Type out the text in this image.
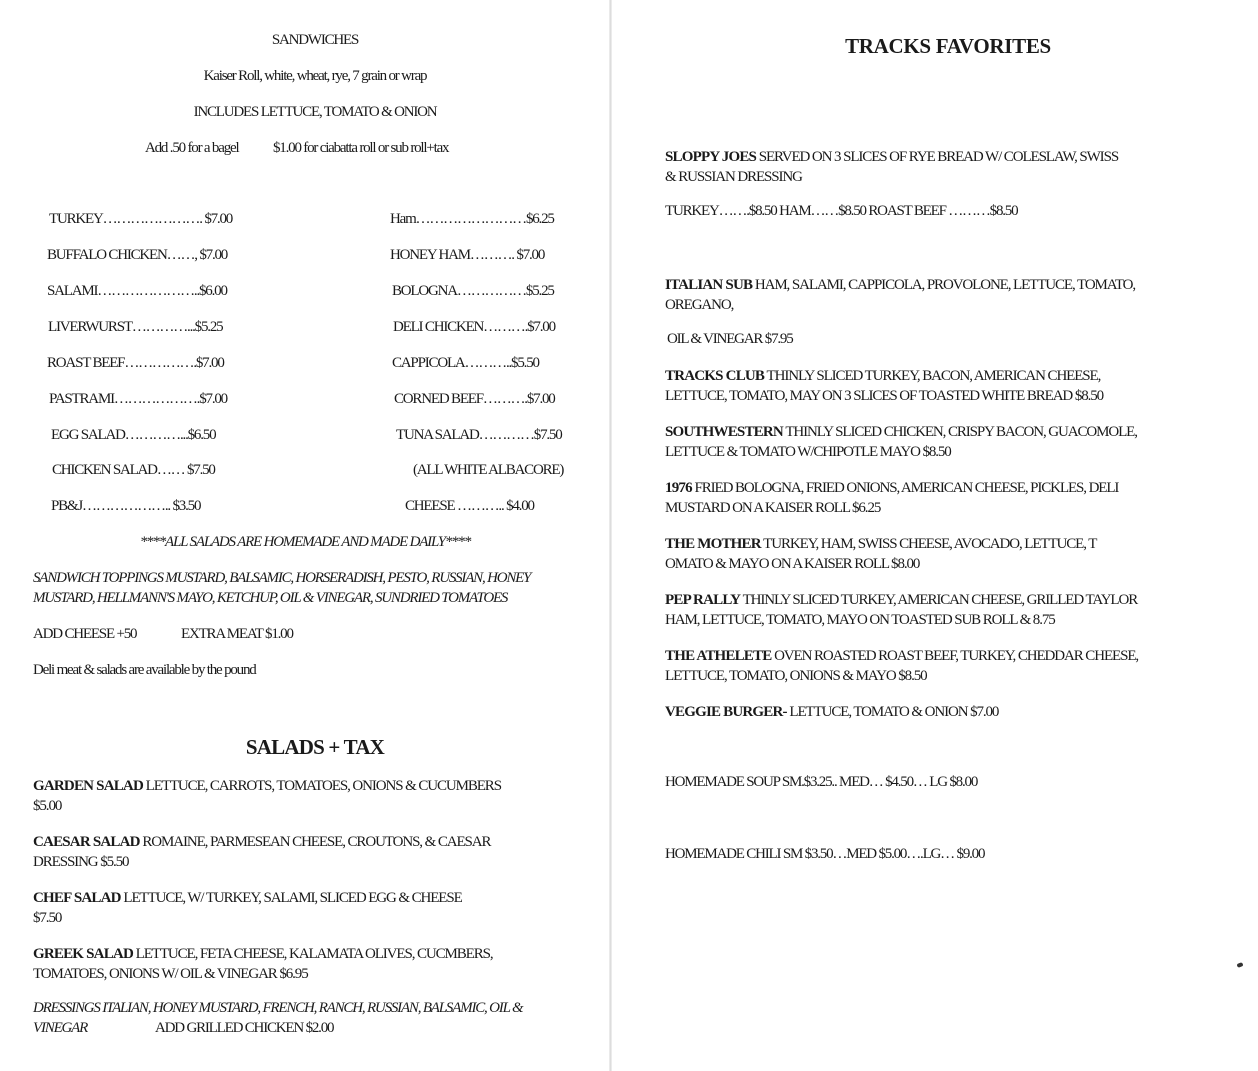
SANDWICHES
Kaiser Roll, white, wheat, rye, 7 grain or wrap
INCLUDES LETTUCE, TOMATO & ONION
Add .50 for a bagel $1.00 for ciabatta roll or sub roll+tax
TURKEY…………………. $7.00
BUFFALO CHICKEN……, $7.00
SALAMI…………………..$6.00
LIVERWURST…………...$5.25
ROAST BEEF…………….$7.00
PASTRAMI……………….$7.00
EGG SALAD…………...$6.50
CHICKEN SALAD…… $7.50
PB&J……………….. $3.50
Ham……………………$6.25
HONEY HAM………. $7.00
BOLOGNA……………$5.25
DELI CHICKEN……….$7.00
CAPPICOLA………..$5.50
CORNED BEEF……….$7.00
TUNA SALAD…………$7.50
(ALL WHITE ALBACORE)
CHEESE ……….. $4.00
****ALL SALADS ARE HOMEMADE AND MADE DAILY****
SANDWICH TOPPINGS MUSTARD, BALSAMIC, HORSERADISH, PESTO, RUSSIAN, HONEY
MUSTARD, HELLMANN'S MAYO, KETCHUP, OIL & VINEGAR, SUNDRIED TOMATOES
ADD CHEESE +50	EXTRA MEAT $1.00
Deli meat & salads are available by the pound
SALADS + TAX
GARDEN SALAD LETTUCE, CARROTS, TOMATOES, ONIONS & CUCUMBERS
$5.00
CAESAR SALAD ROMAINE, PARMESEAN CHEESE, CROUTONS, & CAESAR
DRESSING $5.50
CHEF SALAD LETTUCE, W/ TURKEY, SALAMI, SLICED EGG & CHEESE
$7.50
GREEK SALAD LETTUCE, FETA CHEESE, KALAMATA OLIVES, CUCMBERS,
TOMATOES, ONIONS W/ OIL & VINEGAR $6.95
DRESSINGS ITALIAN, HONEY MUSTARD, FRENCH, RANCH, RUSSIAN, BALSAMIC, OIL &
VINEGAR	ADD GRILLED CHICKEN $2.00
TRACKS FAVORITES
SLOPPY JOES SERVED ON 3 SLICES OF RYE BREAD W/ COLESLAW, SWISS
& RUSSIAN DRESSING
TURKEY…….$8.50 HAM……$8.50 ROAST BEEF ………$8.50
ITALIAN SUB HAM, SALAMI, CAPPICOLA, PROVOLONE, LETTUCE, TOMATO,
OREGANO,
OIL & VINEGAR $7.95
TRACKS CLUB THINLY SLICED TURKEY, BACON, AMERICAN CHEESE,
LETTUCE, TOMATO, MAY ON 3 SLICES OF TOASTED WHITE BREAD $8.50
SOUTHWESTERN THINLY SLICED CHICKEN, CRISPY BACON, GUACOMOLE,
LETTUCE & TOMATO W/CHIPOTLE MAYO $8.50
1976 FRIED BOLOGNA, FRIED ONIONS, AMERICAN CHEESE, PICKLES, DELI
MUSTARD ON A KAISER ROLL $6.25
THE MOTHER TURKEY, HAM, SWISS CHEESE, AVOCADO, LETTUCE, T
OMATO & MAYO ON A KAISER ROLL $8.00
PEP RALLY THINLY SLICED TURKEY, AMERICAN CHEESE, GRILLED TAYLOR
HAM, LETTUCE, TOMATO, MAYO ON TOASTED SUB ROLL & 8.75
THE ATHELETE OVEN ROASTED ROAST BEEF, TURKEY, CHEDDAR CHEESE,
LETTUCE, TOMATO, ONIONS & MAYO $8.50
VEGGIE BURGER- LETTUCE, TOMATO & ONION $7.00
HOMEMADE SOUP SM.$3.25.. MED… $4.50… LG $8.00
HOMEMADE CHILI SM $3.50…MED $5.00….LG… $9.00
